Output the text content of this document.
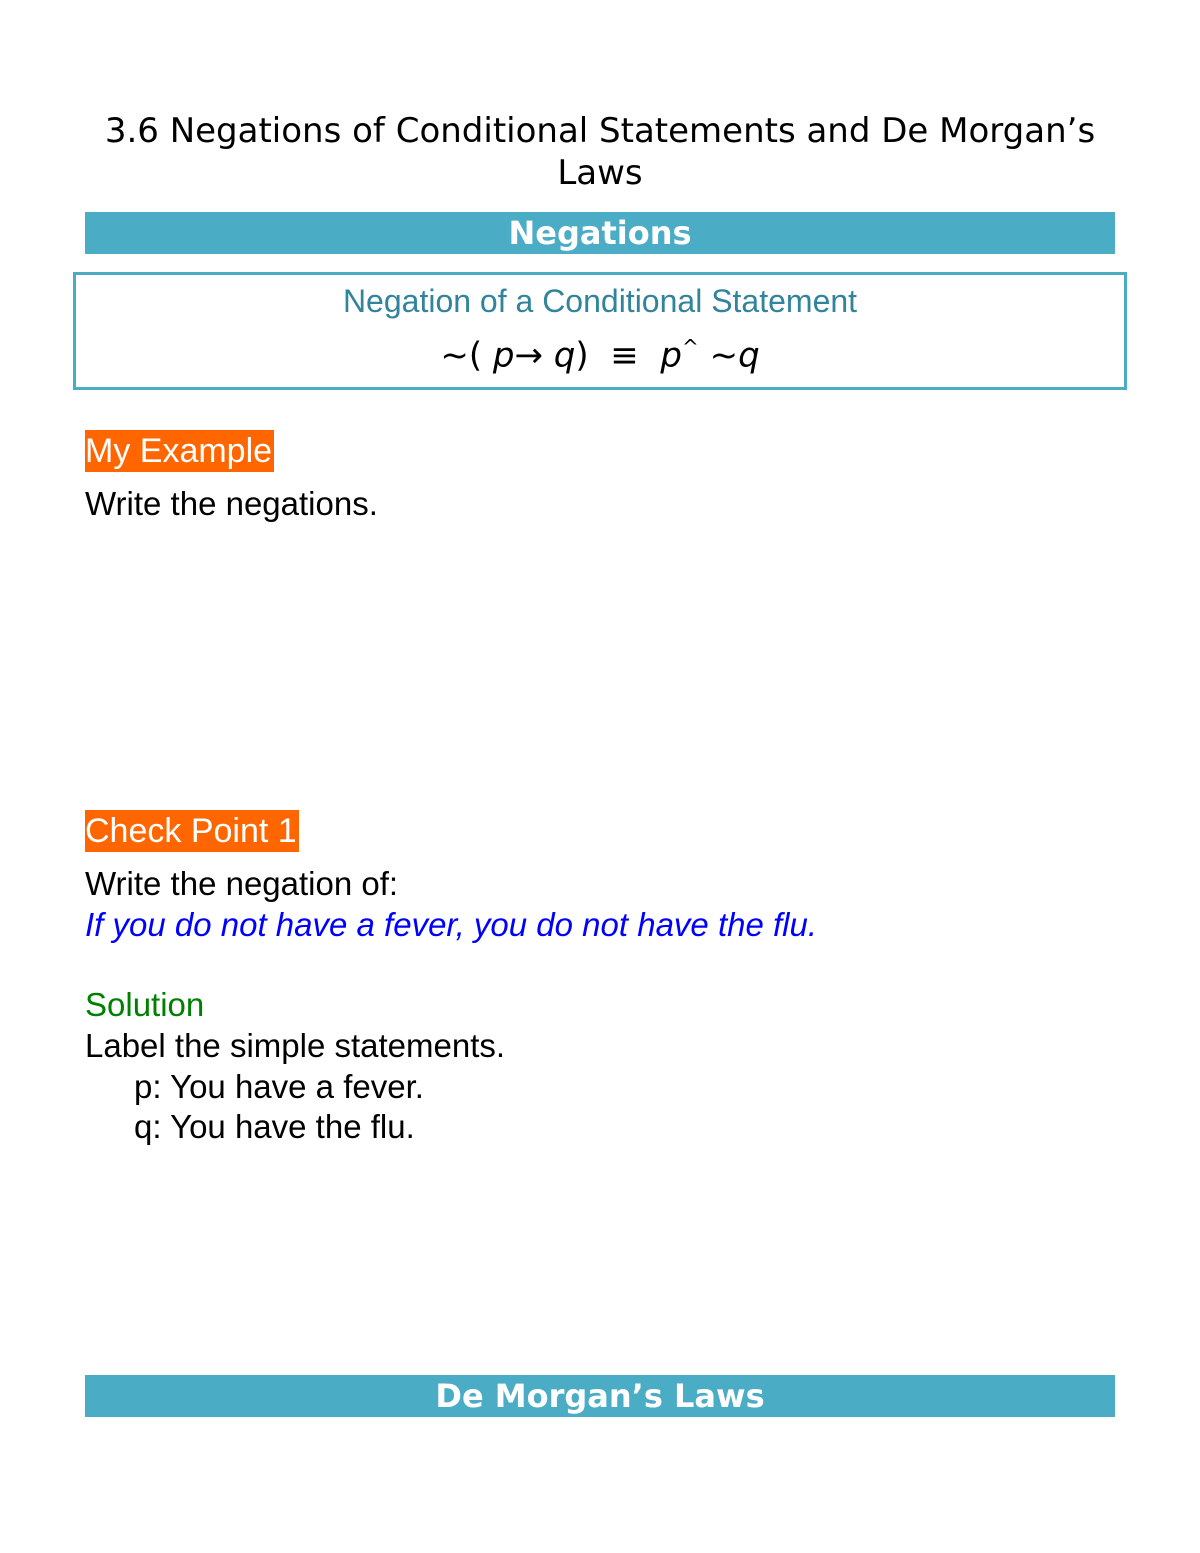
3.6 Negations of Conditional Statements and De Morgan’s
Laws
Negations
Negation of a Conditional Statement
~( p→ q) ≡ p^ ~q
My Example
Write the negations.
Check Point 1
Write the negation of:
If you do not have a fever, you do not have the flu.
Solution
Label the simple statements.
p: You have a fever.
q: You have the flu.
De Morgan’s Laws
